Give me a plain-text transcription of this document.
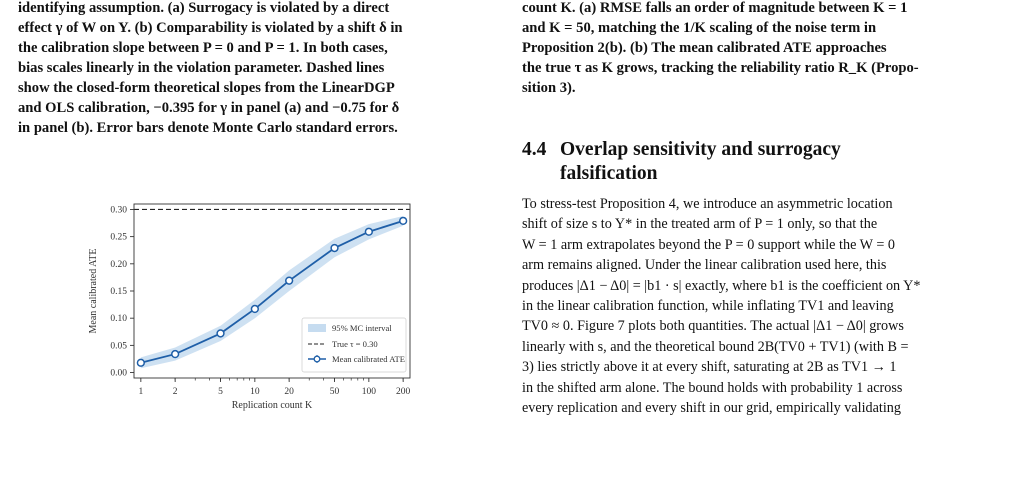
identifying assumption. (a) Surrogacy is violated by a direct
effect γ of W on Y. (b) Comparability is violated by a shift δ in
the calibration slope between P = 0 and P = 1. In both cases,
bias scales linearly in the violation parameter. Dashed lines
show the closed-form theoretical slopes from the LinearDGP
and OLS calibration, −0.395 for γ in panel (a) and −0.75 for δ
in panel (b). Error bars denote Monte Carlo standard errors.
0.00
0.05
0.10
0.15
0.20
0.25
0.30
1	2	5	10	20	50 100 200
Replication count K
Mean calibrated ATE	95% MC interval
True τ = 0.30
Mean calibrated ATE
count K. (a) RMSE falls an order of magnitude between K = 1
and K = 50, matching the 1/K scaling of the noise term in
Proposition 2(b). (b) The mean calibrated ATE approaches
the true τ as K grows, tracking the reliability ratio R_K (Propo-
sition 3).
4.4 Overlap sensitivity and surrogacy
falsification
To stress-test Proposition 4, we introduce an asymmetric location
shift of size s to Y* in the treated arm of P = 1 only, so that the
W = 1 arm extrapolates beyond the P = 0 support while the W = 0
arm remains aligned. Under the linear calibration used here, this
produces |Δ1 − Δ0| = |b1 · s| exactly, where b1 is the coefficient on Y*
in the linear calibration function, while inflating TV1 and leaving
TV0 ≈ 0. Figure 7 plots both quantities. The actual |Δ1 − Δ0| grows
linearly with s, and the theoretical bound 2B(TV0 + TV1) (with B =
3) lies strictly above it at every shift, saturating at 2B as TV1 → 1
in the shifted arm alone. The bound holds with probability 1 across
every replication and every shift in our grid, empirically validating
